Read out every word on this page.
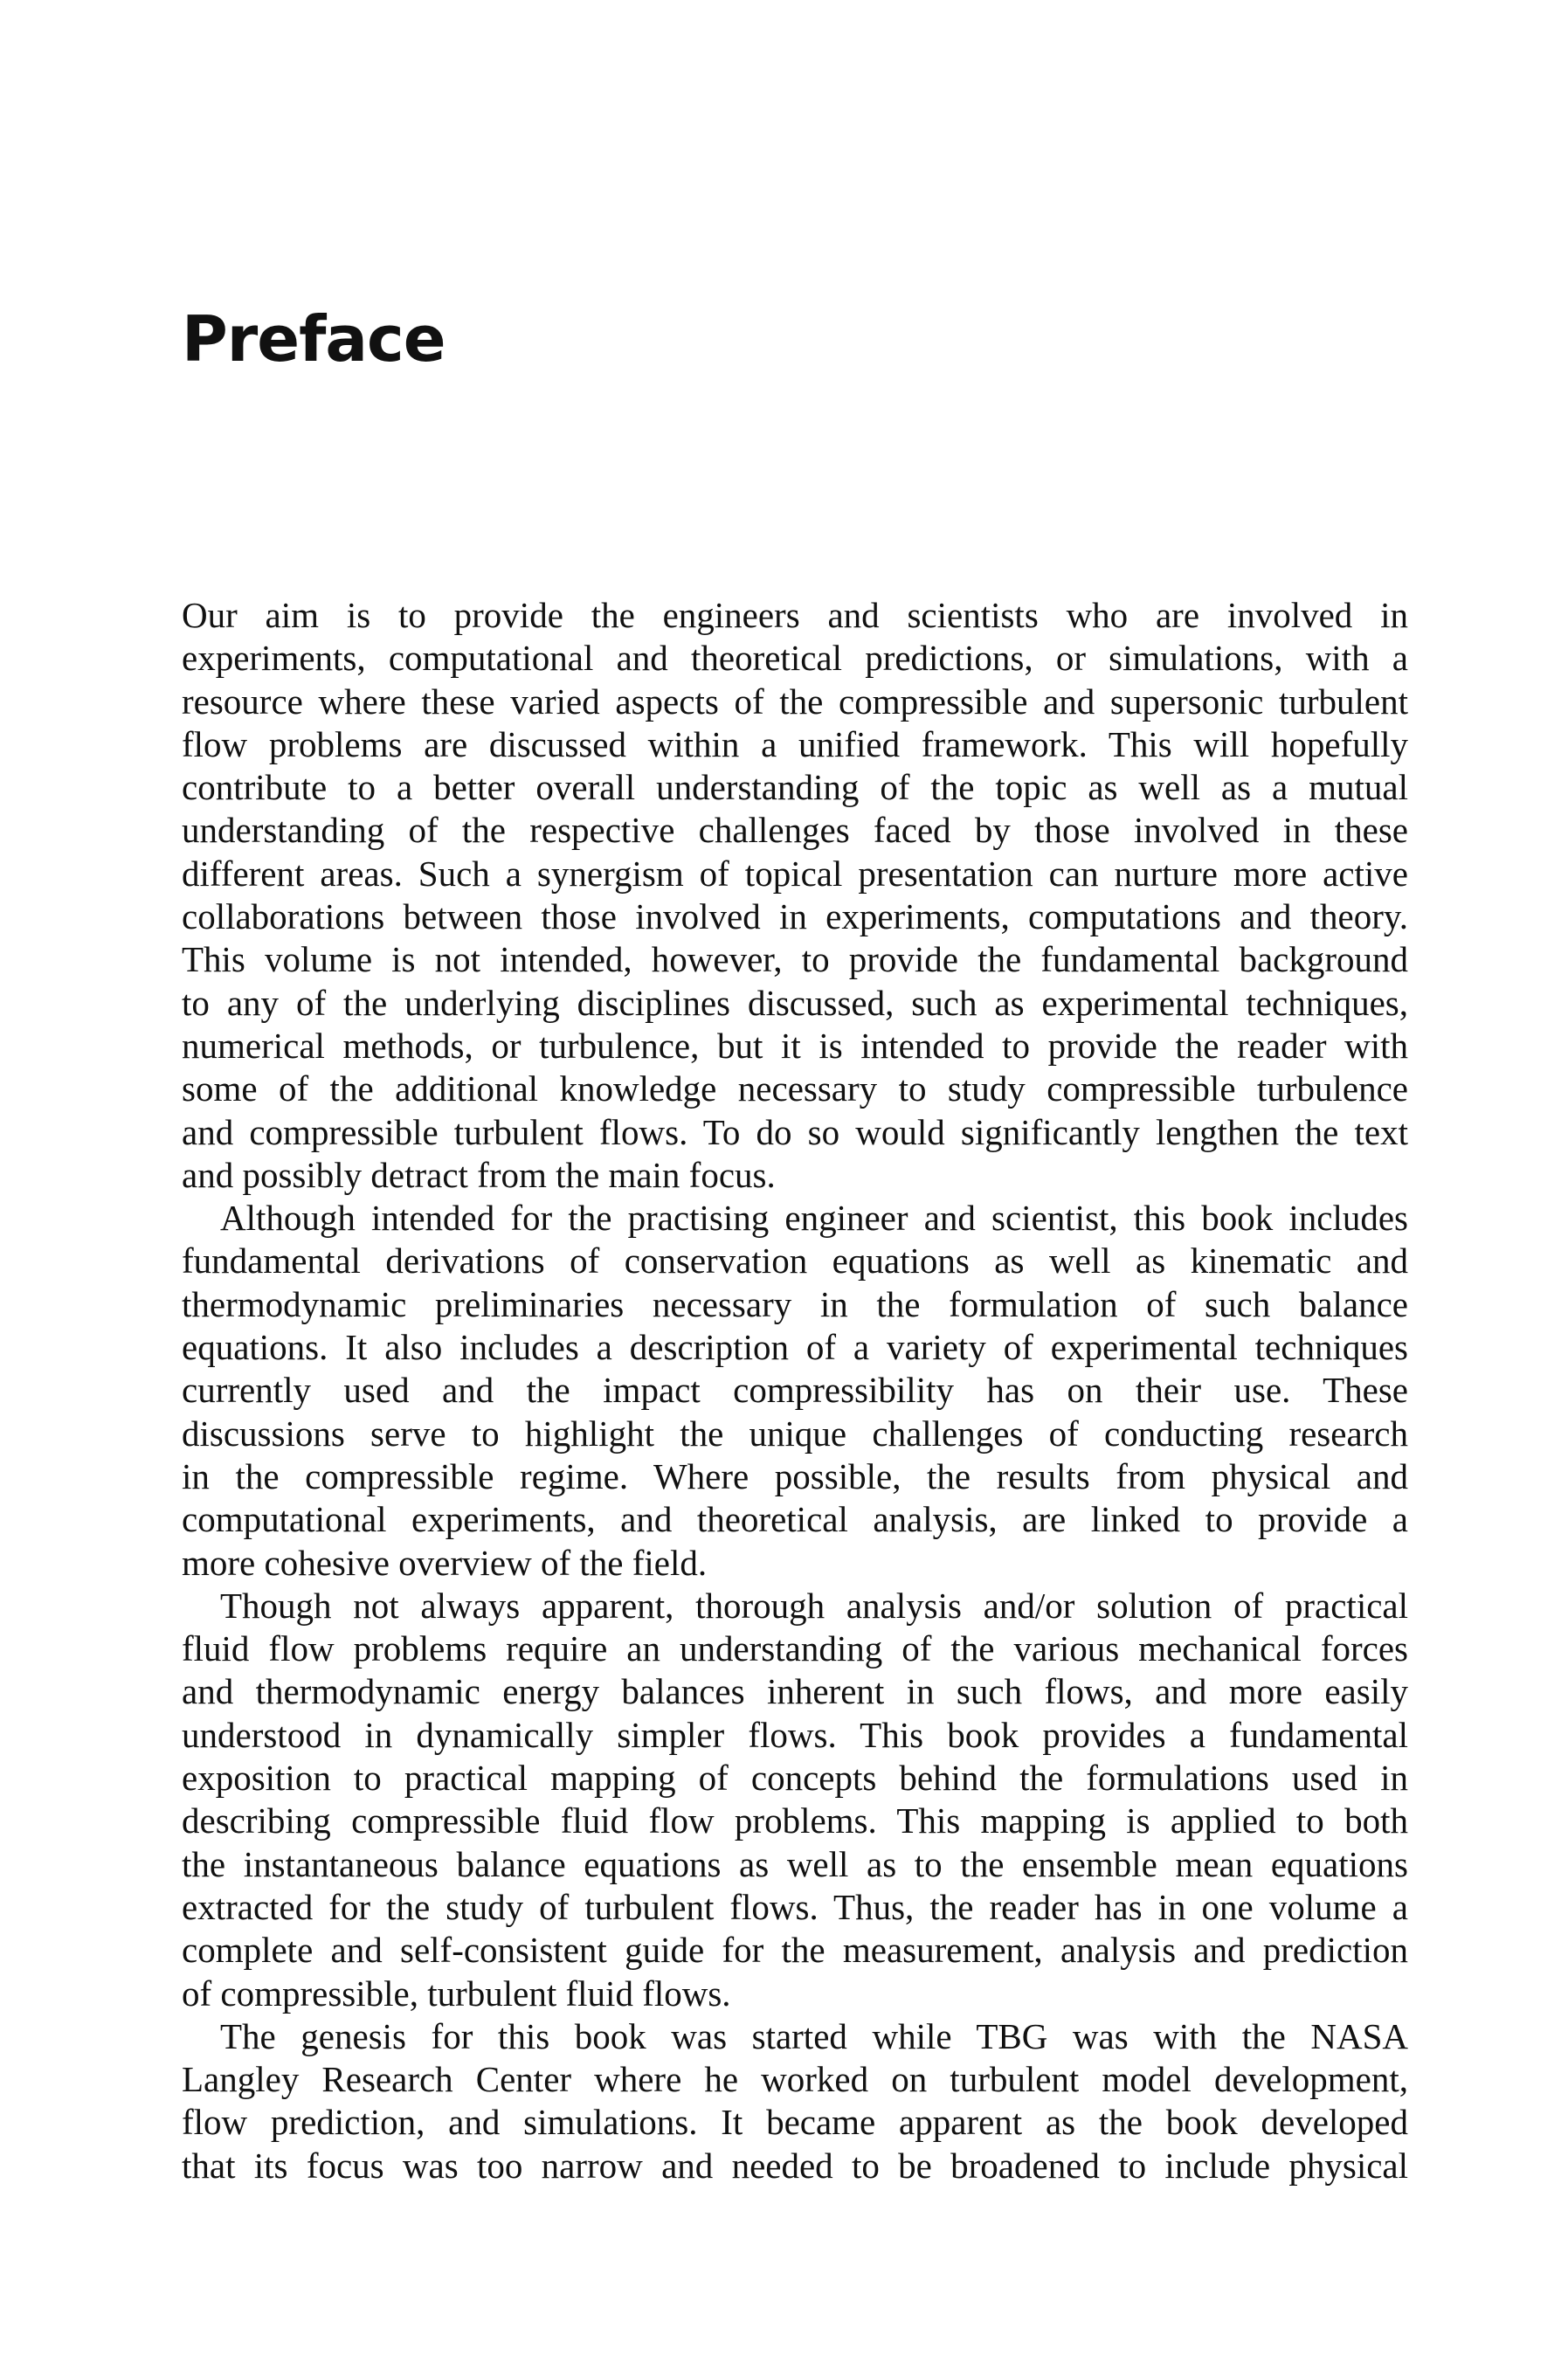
Preface

Our aim is to provide the engineers and scientists who are involved in
experiments, computational and theoretical predictions, or simulations, with a
resource where these varied aspects of the compressible and supersonic turbulent
flow problems are discussed within a unified framework. This will hopefully
contribute to a better overall understanding of the topic as well as a mutual
understanding of the respective challenges faced by those involved in these
different areas. Such a synergism of topical presentation can nurture more active
collaborations between those involved in experiments, computations and theory.
This volume is not intended, however, to provide the fundamental background
to any of the underlying disciplines discussed, such as experimental techniques,
numerical methods, or turbulence, but it is intended to provide the reader with
some of the additional knowledge necessary to study compressible turbulence
and compressible turbulent flows. To do so would significantly lengthen the text
and possibly detract from the main focus.

Although intended for the practising engineer and scientist, this book includes
fundamental derivations of conservation equations as well as kinematic and
thermodynamic preliminaries necessary in the formulation of such balance
equations. It also includes a description of a variety of experimental techniques
currently used and the impact compressibility has on their use. These
discussions serve to highlight the unique challenges of conducting research
in the compressible regime. Where possible, the results from physical and
computational experiments, and theoretical analysis, are linked to provide a
more cohesive overview of the field.

Though not always apparent, thorough analysis and/or solution of practical
fluid flow problems require an understanding of the various mechanical forces
and thermodynamic energy balances inherent in such flows, and more easily
understood in dynamically simpler flows. This book provides a fundamental
exposition to practical mapping of concepts behind the formulations used in
describing compressible fluid flow problems. This mapping is applied to both
the instantaneous balance equations as well as to the ensemble mean equations
extracted for the study of turbulent flows. Thus, the reader has in one volume a
complete and self-consistent guide for the measurement, analysis and prediction
of compressible, turbulent fluid flows.

The genesis for this book was started while TBG was with the NASA
Langley Research Center where he worked on turbulent model development,
flow prediction, and simulations. It became apparent as the book developed
that its focus was too narrow and needed to be broadened to include physical
